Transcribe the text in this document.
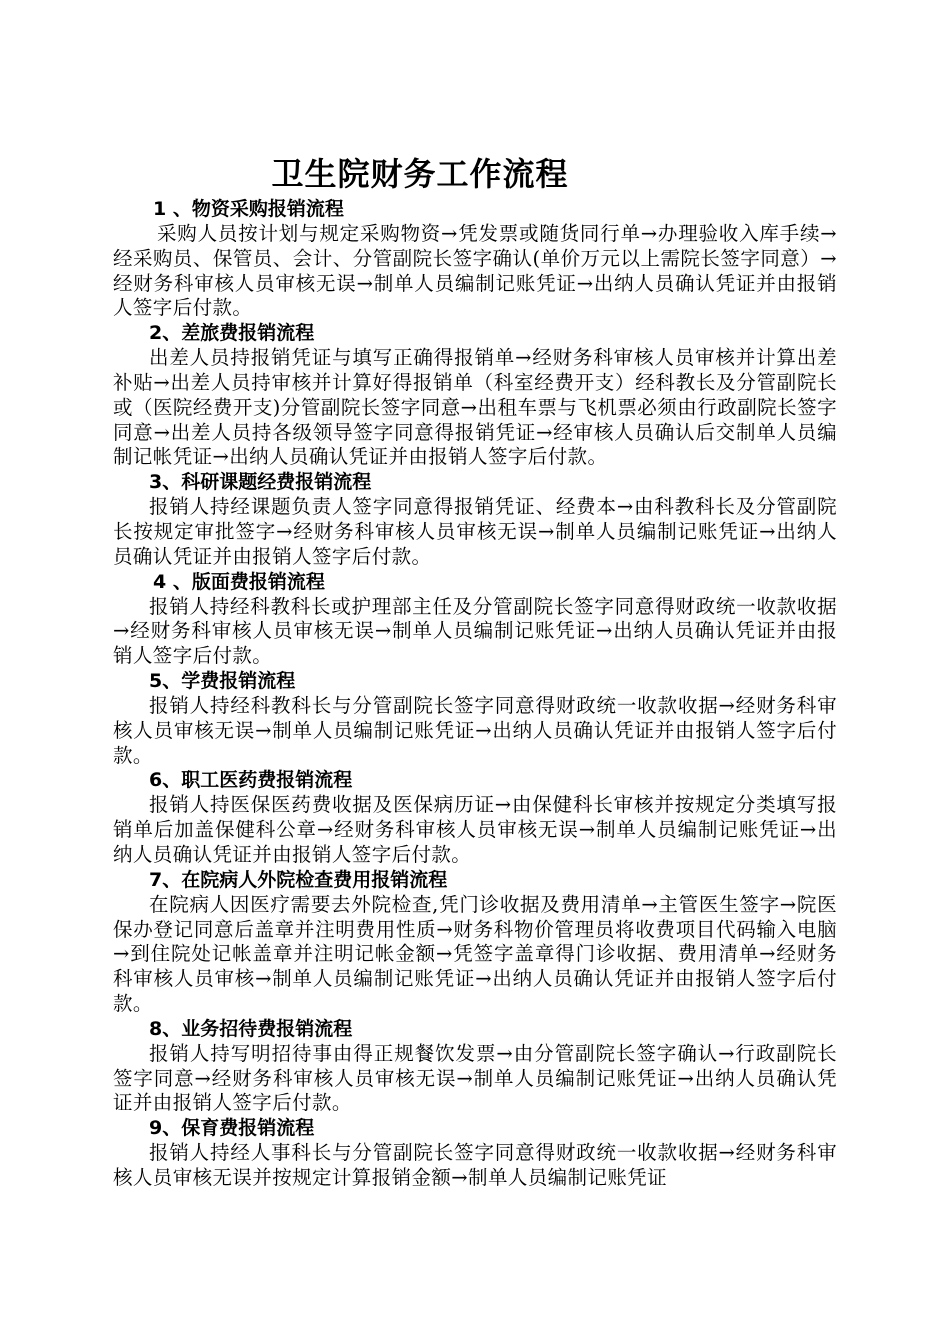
卫生院财务工作流程
1 、物资采购报销流程
采购人员按计划与规定采购物资→凭发票或随货同行单→办理验收入库手续→经采购员、保管员、会计、分管副院长签字确认(单价万元以上需院长签字同意）→经财务科审核人员审核无误→制单人员编制记账凭证→出纳人员确认凭证并由报销人签字后付款。
2、差旅费报销流程
出差人员持报销凭证与填写正确得报销单→经财务科审核人员审核并计算出差补贴→出差人员持审核并计算好得报销单（科室经费开支）经科教长及分管副院长或（医院经费开支)分管副院长签字同意→出租车票与飞机票必须由行政副院长签字同意→出差人员持各级领导签字同意得报销凭证→经审核人员确认后交制单人员编制记帐凭证→出纳人员确认凭证并由报销人签字后付款。
3、科研课题经费报销流程
报销人持经课题负责人签字同意得报销凭证、经费本→由科教科长及分管副院长按规定审批签字→经财务科审核人员审核无误→制单人员编制记账凭证→出纳人员确认凭证并由报销人签字后付款。
4 、版面费报销流程
报销人持经科教科长或护理部主任及分管副院长签字同意得财政统一收款收据→经财务科审核人员审核无误→制单人员编制记账凭证→出纳人员确认凭证并由报销人签字后付款。
5、学费报销流程
报销人持经科教科长与分管副院长签字同意得财政统一收款收据→经财务科审核人员审核无误→制单人员编制记账凭证→出纳人员确认凭证并由报销人签字后付款。
6、职工医药费报销流程
报销人持医保医药费收据及医保病历证→由保健科长审核并按规定分类填写报销单后加盖保健科公章→经财务科审核人员审核无误→制单人员编制记账凭证→出纳人员确认凭证并由报销人签字后付款。
7、在院病人外院检查费用报销流程
在院病人因医疗需要去外院检查,凭门诊收据及费用清单→主管医生签字→院医保办登记同意后盖章并注明费用性质→财务科物价管理员将收费项目代码输入电脑→到住院处记帐盖章并注明记帐金额→凭签字盖章得门诊收据、费用清单→经财务科审核人员审核→制单人员编制记账凭证→出纳人员确认凭证并由报销人签字后付款。
8、业务招待费报销流程
报销人持写明招待事由得正规餐饮发票→由分管副院长签字确认→行政副院长签字同意→经财务科审核人员审核无误→制单人员编制记账凭证→出纳人员确认凭证并由报销人签字后付款。
9、保育费报销流程
报销人持经人事科长与分管副院长签字同意得财政统一收款收据→经财务科审核人员审核无误并按规定计算报销金额→制单人员编制记账凭证
